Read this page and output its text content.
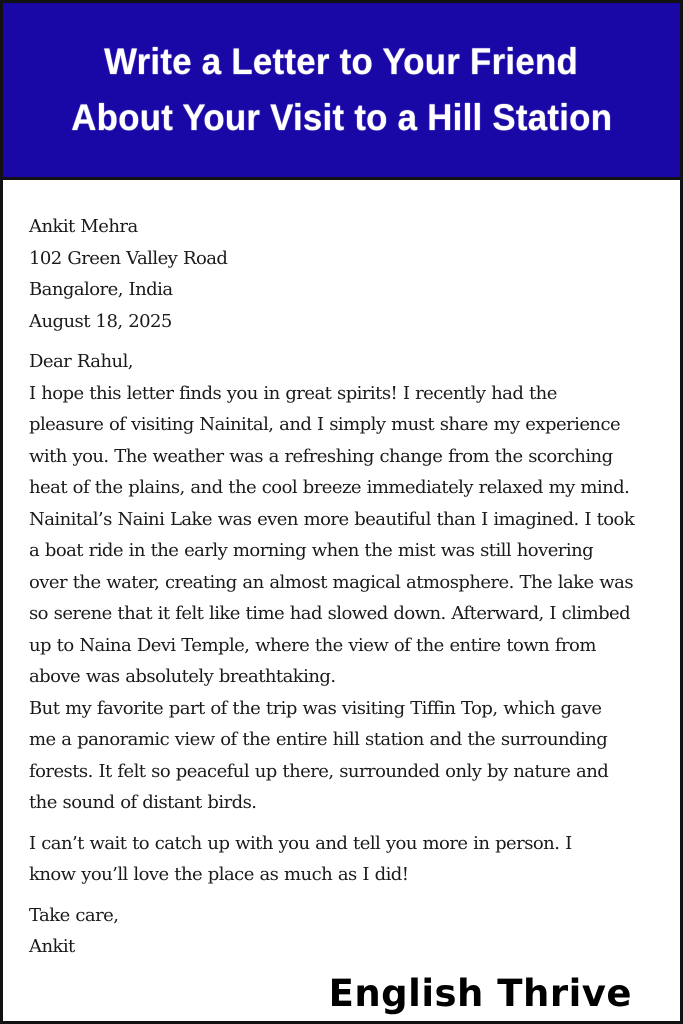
Write a Letter to Your Friend
About Your Visit to a Hill Station
Ankit Mehra
102 Green Valley Road
Bangalore, India
August 18, 2025
Dear Rahul,
I hope this letter finds you in great spirits! I recently had the
pleasure of visiting Nainital, and I simply must share my experience
with you. The weather was a refreshing change from the scorching
heat of the plains, and the cool breeze immediately relaxed my mind.
Nainital’s Naini Lake was even more beautiful than I imagined. I took
a boat ride in the early morning when the mist was still hovering
over the water, creating an almost magical atmosphere. The lake was
so serene that it felt like time had slowed down. Afterward, I climbed
up to Naina Devi Temple, where the view of the entire town from
above was absolutely breathtaking.
But my favorite part of the trip was visiting Tiffin Top, which gave
me a panoramic view of the entire hill station and the surrounding
forests. It felt so peaceful up there, surrounded only by nature and
the sound of distant birds.
I can’t wait to catch up with you and tell you more in person. I
know you’ll love the place as much as I did!
Take care,
Ankit
English Thrive
